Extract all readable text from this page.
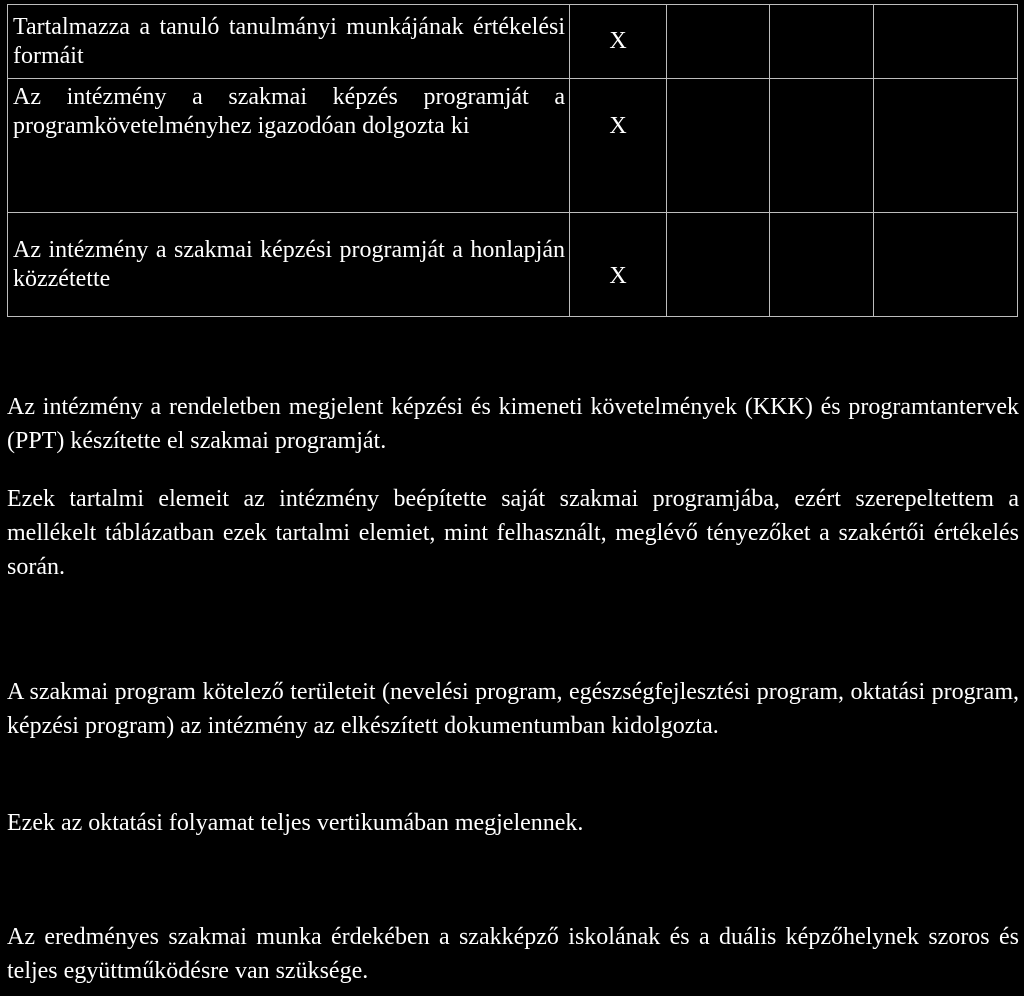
Tartalmazza a tanuló tanulmányi munkájának értékelési formáit	X			
Az intézmény a szakmai képzés programját a programkövetelményhez igazodóan dolgozta ki	X			
Az intézmény a szakmai képzési programját a honlapján közzétette	X			

Az intézmény a rendeletben megjelent képzési és kimeneti követelmények (KKK) és programtantervek (PPT) készítette el szakmai programját.

Ezek tartalmi elemeit az intézmény beépítette saját szakmai programjába, ezért szerepeltettem a mellékelt táblázatban ezek tartalmi elemiet, mint felhasznált, meglévő tényezőket a szakértői értékelés során.

A szakmai program kötelező területeit (nevelési program, egészségfejlesztési program, oktatási program, képzési program) az intézmény az elkészített dokumentumban kidolgozta.

Ezek az oktatási folyamat teljes vertikumában megjelennek.

Az eredményes szakmai munka érdekében a szakképző iskolának és a duális képzőhelynek szoros és teljes együttműködésre van szüksége.
